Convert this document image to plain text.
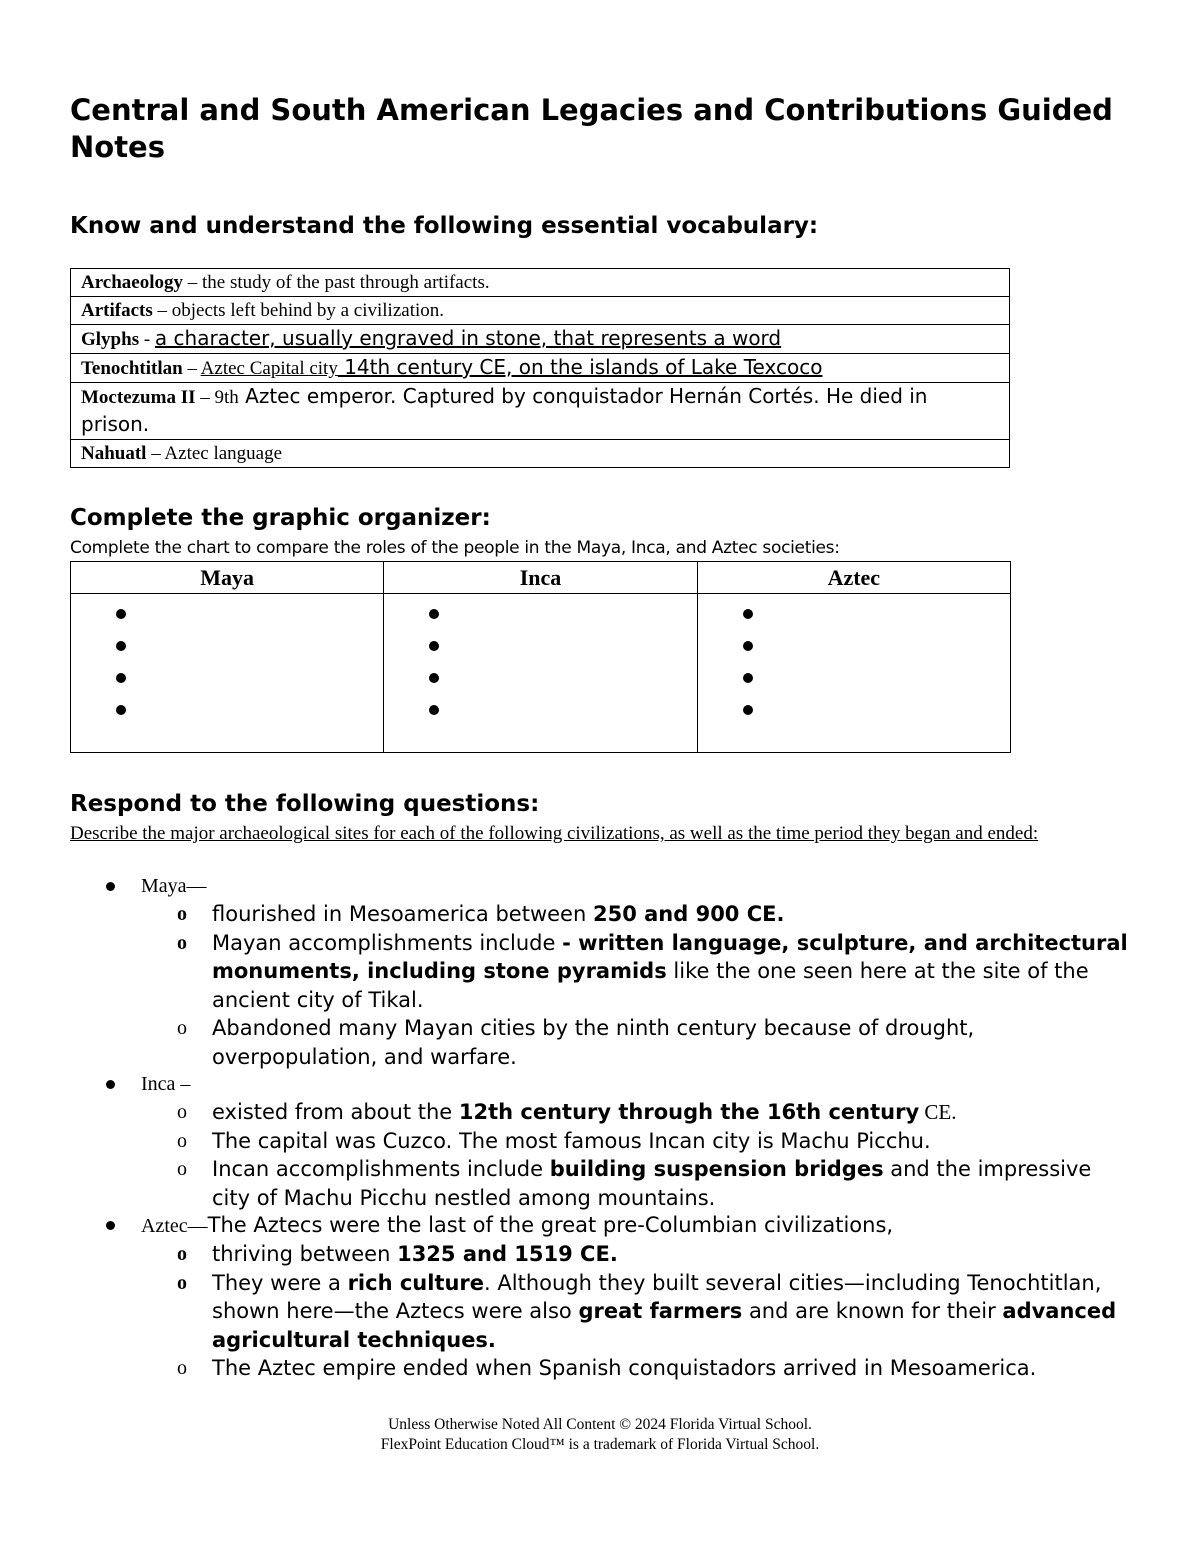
Central and South American Legacies and Contributions Guided Notes
Know and understand the following essential vocabulary:
Archaeology – the study of the past through artifacts.
Artifacts – objects left behind by a civilization.
Glyphs - a character, usually engraved in stone, that represents a word
Tenochtitlan – Aztec Capital city 14th century CE, on the islands of Lake Texcoco
Moctezuma II – 9th Aztec emperor. Captured by conquistador Hernán Cortés. He died in prison.
Nahuatl – Aztec language
Complete the graphic organizer:

Complete the chart to compare the roles of the people in the Maya, Inca, and Aztec societies:

Maya	Inca	Aztec

Respond to the following questions:

Describe the major archaeological sites for each of the following civilizations, as well as the time period they began and ended:

Maya—
o flourished in Mesoamerica between 250 and 900 CE.
o Mayan accomplishments include - written language, sculpture, and architectural monuments, including stone pyramids like the one seen here at the site of the ancient city of Tikal.
o Abandoned many Mayan cities by the ninth century because of drought, overpopulation, and warfare.
Inca –
o existed from about the 12th century through the 16th century CE.
o The capital was Cuzco. The most famous Incan city is Machu Picchu.
o Incan accomplishments include building suspension bridges and the impressive city of Machu Picchu nestled among mountains.
Aztec—The Aztecs were the last of the great pre-Columbian civilizations,
o thriving between 1325 and 1519 CE.
o They were a rich culture. Although they built several cities—including Tenochtitlan, shown here—the Aztecs were also great farmers and are known for their advanced agricultural techniques.
o The Aztec empire ended when Spanish conquistadors arrived in Mesoamerica.
Unless Otherwise Noted All Content © 2024 Florida Virtual School.
FlexPoint Education Cloud™ is a trademark of Florida Virtual School.
